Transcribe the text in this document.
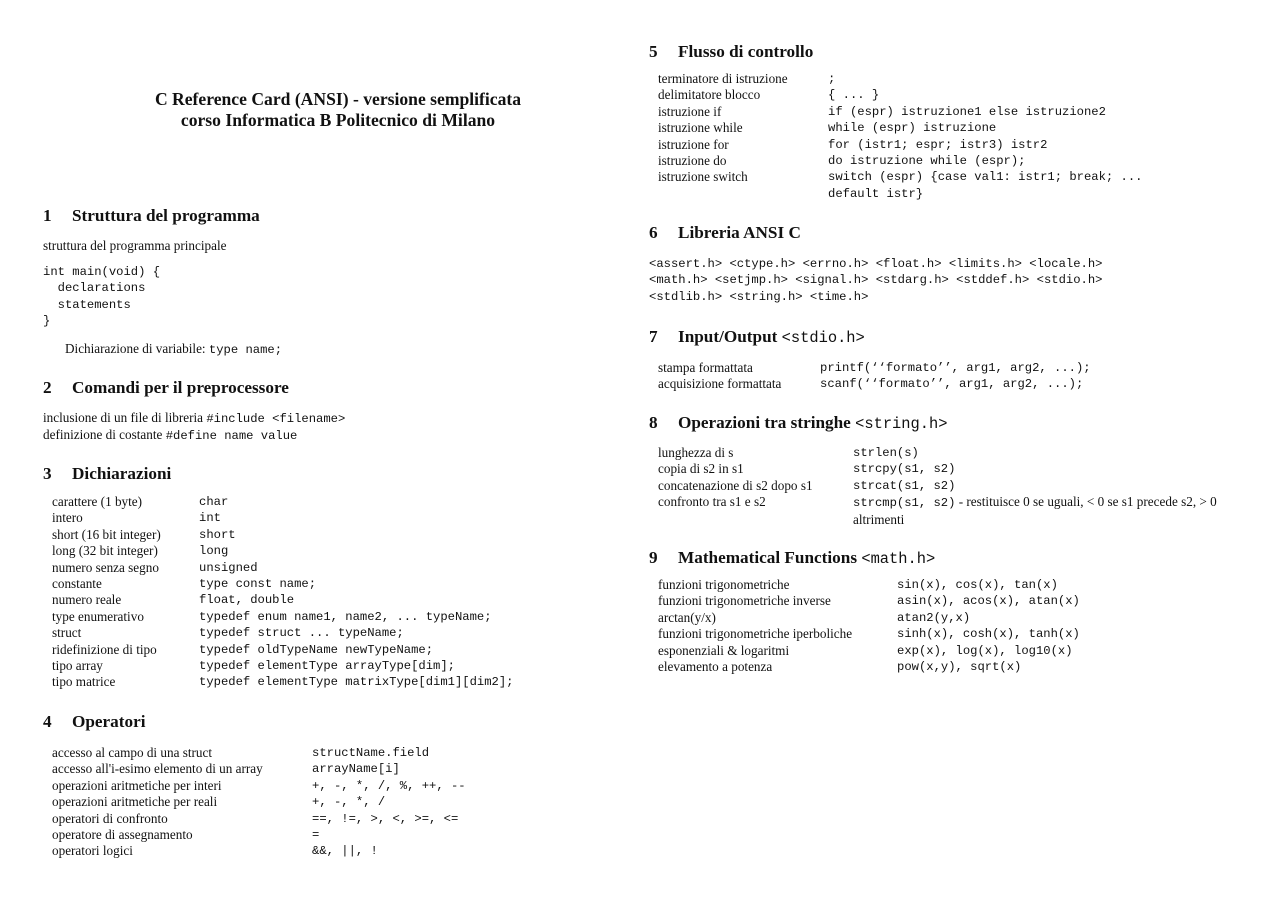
C Reference Card (ANSI) - versione semplificata
corso Informatica B Politecnico di Milano
1 Struttura del programma
struttura del programma principale
int main(void) {
declarations
statements
}
Dichiarazione di variabile: type name;
2 Comandi per il preprocessore
inclusione di un file di libreria #include <filename>
definizione di costante #define name value
3 Dichiarazioni
carattere (1 byte)	char
intero	int
short (16 bit integer)	short
long (32 bit integer)	long
numero senza segno	unsigned
constante	type const name;
numero reale	float, double
type enumerativo	typedef enum name1, name2, ... typeName;
struct	typedef struct ... typeName;
ridefinizione di tipo	typedef oldTypeName newTypeName;
tipo array	typedef elementType arrayType[dim];
tipo matrice	typedef elementType matrixType[dim1][dim2];
4 Operatori
accesso al campo di una struct	structName.field
accesso all'i-esimo elemento di un array	arrayName[i]
operazioni aritmetiche per interi	+, -, *, /, %, ++, --
operazioni aritmetiche per reali	+, -, *, /
operatori di confronto	==, !=, >, <, >=, <=
operatore di assegnamento	=
operatori logici	&&, ||, !
5 Flusso di controllo
terminatore di istruzione	;
delimitatore blocco	{ ... }
istruzione if	if (espr) istruzione1 else istruzione2
istruzione while	while (espr) istruzione
istruzione for	for (istr1; espr; istr3) istr2
istruzione do	do istruzione while (espr);
istruzione switch	switch (espr) {case val1: istr1; break; ...
	default istr}
6 Libreria ANSI C
<assert.h> <ctype.h> <errno.h> <float.h> <limits.h> <locale.h>
<math.h> <setjmp.h> <signal.h> <stdarg.h> <stddef.h> <stdio.h>
<stdlib.h> <string.h> <time.h>
7 Input/Output <stdio.h>
stampa formattata	printf(‘‘formato’’, arg1, arg2, ...);
acquisizione formattata	scanf(‘‘formato’’, arg1, arg2, ...);
8 Operazioni tra stringhe <string.h>
lunghezza di s	strlen(s)
copia di s2 in s1	strcpy(s1, s2)
concatenazione di s2 dopo s1	strcat(s1, s2)
confronto tra s1 e s2	strcmp(s1, s2) - restituisce 0 se uguali, < 0 se s1 precede s2, > 0 altrimenti
9 Mathematical Functions <math.h>
funzioni trigonometriche	sin(x), cos(x), tan(x)
funzioni trigonometriche inverse	asin(x), acos(x), atan(x)
arctan(y/x)	atan2(y,x)
funzioni trigonometriche iperboliche	sinh(x), cosh(x), tanh(x)
esponenziali & logaritmi	exp(x), log(x), log10(x)
elevamento a potenza	pow(x,y), sqrt(x)
